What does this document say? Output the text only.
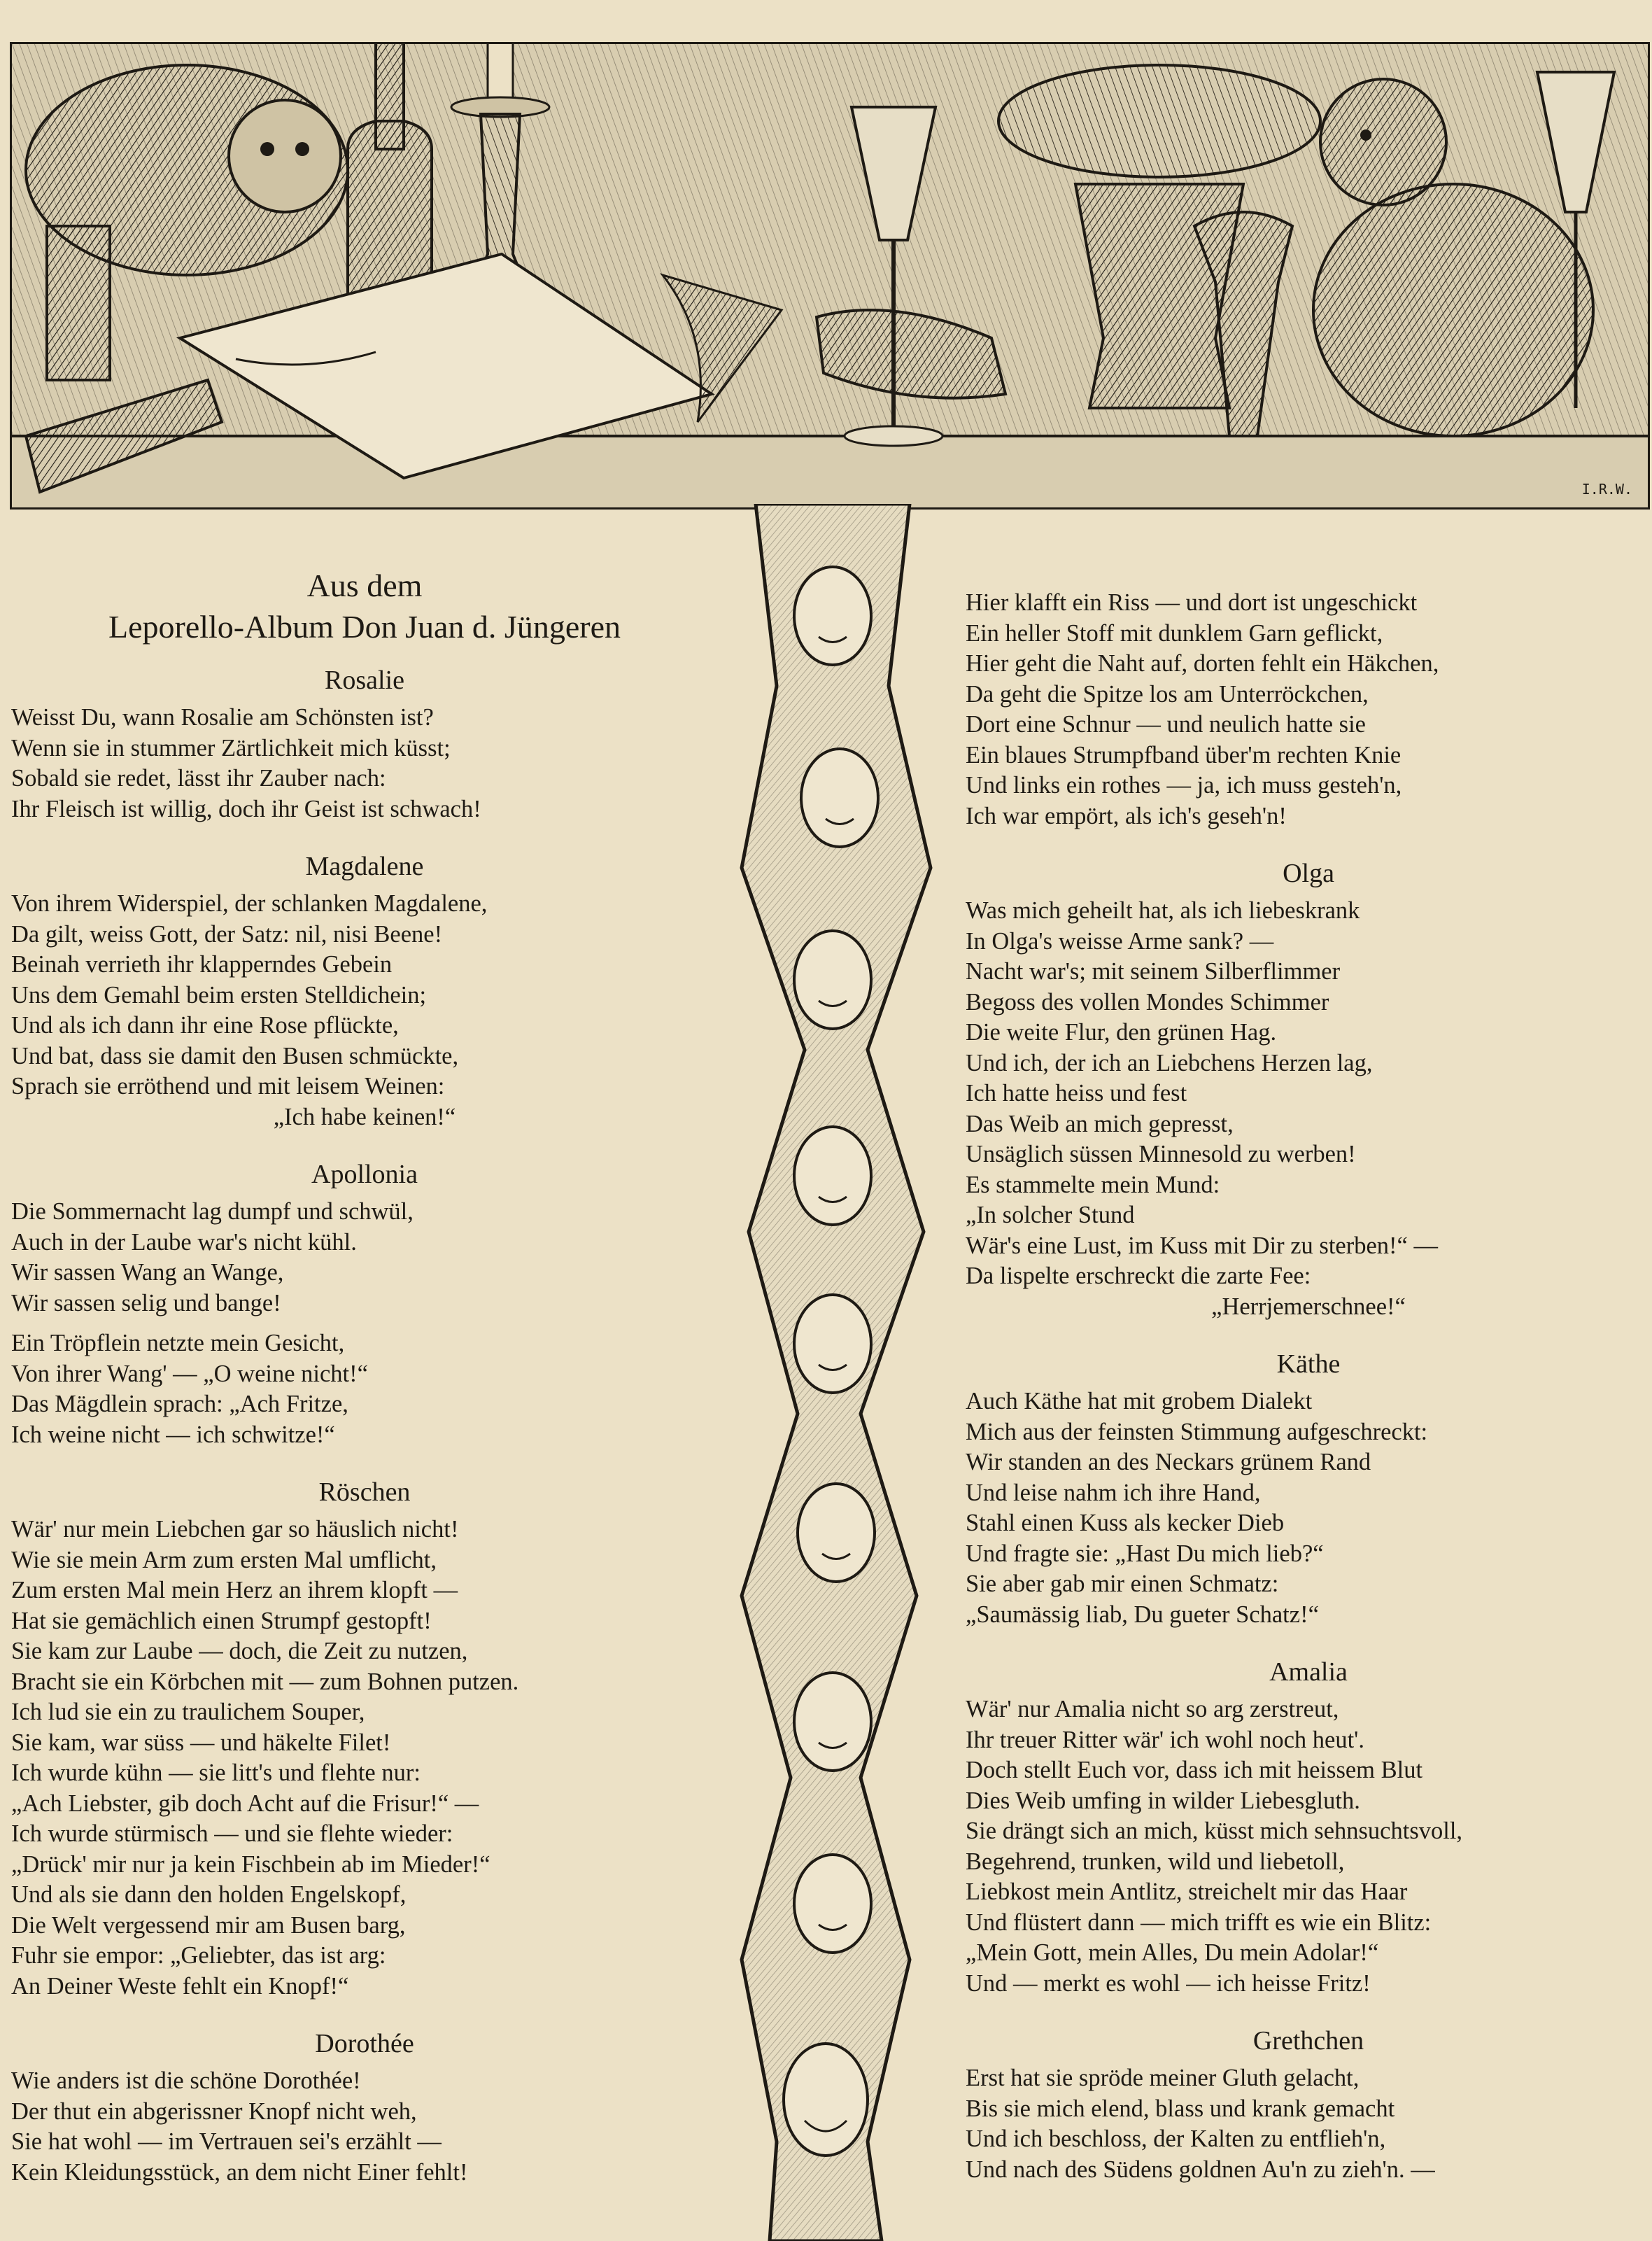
I.R.W.
Aus dem
Leporello-Album Don Juan d. Jüngeren
Rosalie
Weisst Du, wann Rosalie am Schönsten ist?
Wenn sie in stummer Zärtlichkeit mich küsst;
Sobald sie redet, lässt ihr Zauber nach:
Ihr Fleisch ist willig, doch ihr Geist ist schwach!
Magdalene
Von ihrem Widerspiel, der schlanken Magdalene,
Da gilt, weiss Gott, der Satz: nil, nisi Beene!
Beinah verrieth ihr klapperndes Gebein
Uns dem Gemahl beim ersten Stelldichein;
Und als ich dann ihr eine Rose pflückte,
Und bat, dass sie damit den Busen schmückte,
Sprach sie erröthend und mit leisem Weinen:
„Ich habe keinen!“
Apollonia
Die Sommernacht lag dumpf und schwül,
Auch in der Laube war's nicht kühl.
Wir sassen Wang an Wange,
Wir sassen selig und bange!
Ein Tröpflein netzte mein Gesicht,
Von ihrer Wang' — „O weine nicht!“
Das Mägdlein sprach: „Ach Fritze,
Ich weine nicht — ich schwitze!“
Röschen
Wär' nur mein Liebchen gar so häuslich nicht!
Wie sie mein Arm zum ersten Mal umflicht,
Zum ersten Mal mein Herz an ihrem klopft —
Hat sie gemächlich einen Strumpf gestopft!
Sie kam zur Laube — doch, die Zeit zu nutzen,
Bracht sie ein Körbchen mit — zum Bohnen putzen.
Ich lud sie ein zu traulichem Souper,
Sie kam, war süss — und häkelte Filet!
Ich wurde kühn — sie litt's und flehte nur:
„Ach Liebster, gib doch Acht auf die Frisur!“ —
Ich wurde stürmisch — und sie flehte wieder:
„Drück' mir nur ja kein Fischbein ab im Mieder!“
Und als sie dann den holden Engelskopf,
Die Welt vergessend mir am Busen barg,
Fuhr sie empor: „Geliebter, das ist arg:
An Deiner Weste fehlt ein Knopf!“
Dorothée
Wie anders ist die schöne Dorothée!
Der thut ein abgerissner Knopf nicht weh,
Sie hat wohl — im Vertrauen sei's erzählt —
Kein Kleidungsstück, an dem nicht Einer fehlt!
Hier klafft ein Riss — und dort ist ungeschickt
Ein heller Stoff mit dunklem Garn geflickt,
Hier geht die Naht auf, dorten fehlt ein Häkchen,
Da geht die Spitze los am Unterröckchen,
Dort eine Schnur — und neulich hatte sie
Ein blaues Strumpfband über'm rechten Knie
Und links ein rothes — ja, ich muss gesteh'n,
Ich war empört, als ich's geseh'n!
Olga
Was mich geheilt hat, als ich liebeskrank
In Olga's weisse Arme sank? —
Nacht war's; mit seinem Silberflimmer
Begoss des vollen Mondes Schimmer
Die weite Flur, den grünen Hag.
Und ich, der ich an Liebchens Herzen lag,
Ich hatte heiss und fest
Das Weib an mich gepresst,
Unsäglich süssen Minnesold zu werben!
Es stammelte mein Mund:
„In solcher Stund
Wär's eine Lust, im Kuss mit Dir zu sterben!“ —
Da lispelte erschreckt die zarte Fee:
„Herrjemerschnee!“
Käthe
Auch Käthe hat mit grobem Dialekt
Mich aus der feinsten Stimmung aufgeschreckt:
Wir standen an des Neckars grünem Rand
Und leise nahm ich ihre Hand,
Stahl einen Kuss als kecker Dieb
Und fragte sie: „Hast Du mich lieb?“
Sie aber gab mir einen Schmatz:
„Saumässig liab, Du gueter Schatz!“
Amalia
Wär' nur Amalia nicht so arg zerstreut,
Ihr treuer Ritter wär' ich wohl noch heut'.
Doch stellt Euch vor, dass ich mit heissem Blut
Dies Weib umfing in wilder Liebesgluth.
Sie drängt sich an mich, küsst mich sehnsuchtsvoll,
Begehrend, trunken, wild und liebetoll,
Liebkost mein Antlitz, streichelt mir das Haar
Und flüstert dann — mich trifft es wie ein Blitz:
„Mein Gott, mein Alles, Du mein Adolar!“
Und — merkt es wohl — ich heisse Fritz!
Grethchen
Erst hat sie spröde meiner Gluth gelacht,
Bis sie mich elend, blass und krank gemacht
Und ich beschloss, der Kalten zu entflieh'n,
Und nach des Südens goldnen Au'n zu zieh'n. —
